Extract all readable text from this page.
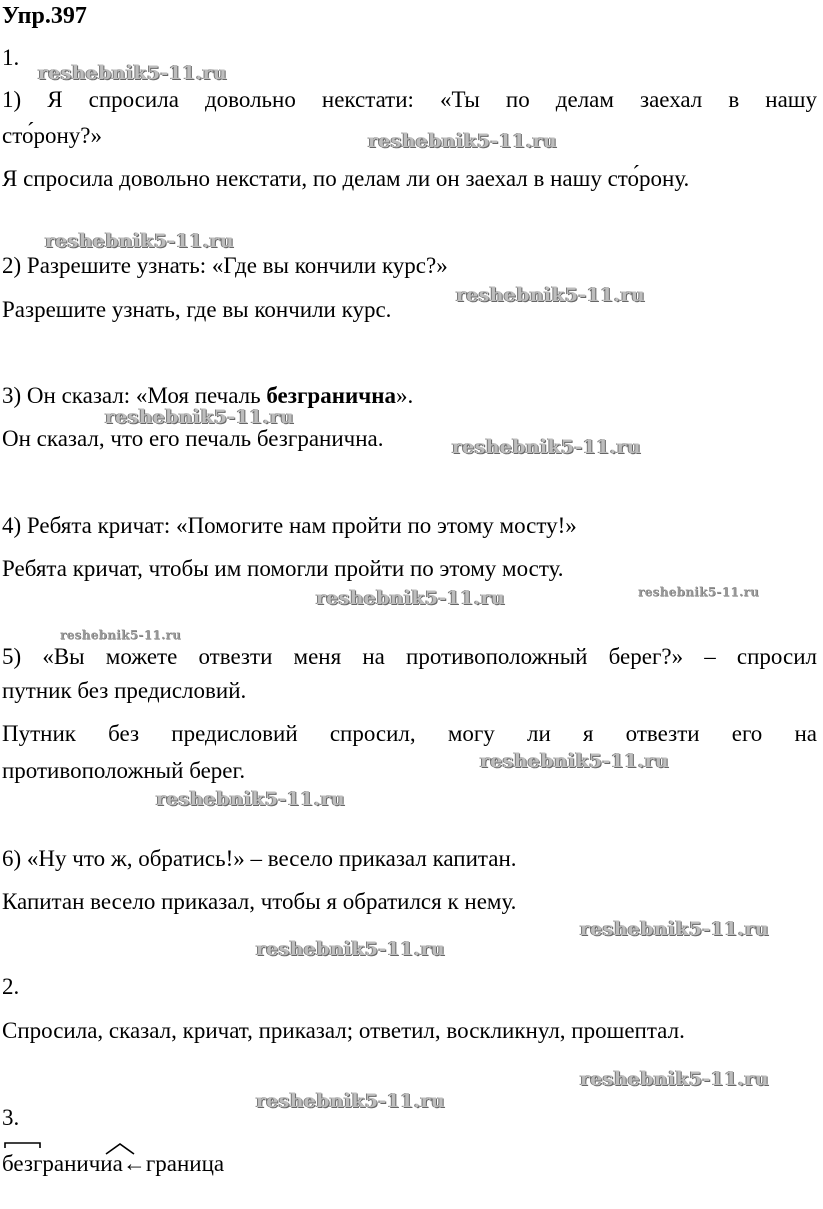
Упр.397
1.
1) Я спросила довольно некстати: «Ты по делам заехал в нашу
сто́рону?»
Я спросила довольно некстати, по делам ли он заехал в нашу сто́рону.
2) Разрешите узнать: «Где вы кончили курс?»
Разрешите узнать, где вы кончили курс.
3) Он сказал: «Моя печаль безгранична».
Он сказал, что его печаль безгранична.
4) Ребята кричат: «Помогите нам пройти по этому мосту!»
Ребята кричат, чтобы им помогли пройти по этому мосту.
5) «Вы можете отвезти меня на противоположный берег?» – спросил
путник без предисловий.
Путник без предисловий спросил, могу ли я отвезти его на
противоположный берег.
6) «Ну что ж, обратись!» – весело приказал капитан.
Капитан весело приказал, чтобы я обратился к нему.
2.
Спросила, сказал, кричат, приказал; ответил, воскликнул, прошептал.
3.
безграничиа←граница
reshebnik5-11.ru
reshebnik5-11.ru
reshebnik5-11.ru
reshebnik5-11.ru
reshebnik5-11.ru
reshebnik5-11.ru
reshebnik5-11.ru	reshebnik5-11.ru
reshebnik5-11.ru
reshebnik5-11.ru
reshebnik5-11.ru
reshebnik5-11.ru
reshebnik5-11.ru
reshebnik5-11.ru
reshebnik5-11.ru
